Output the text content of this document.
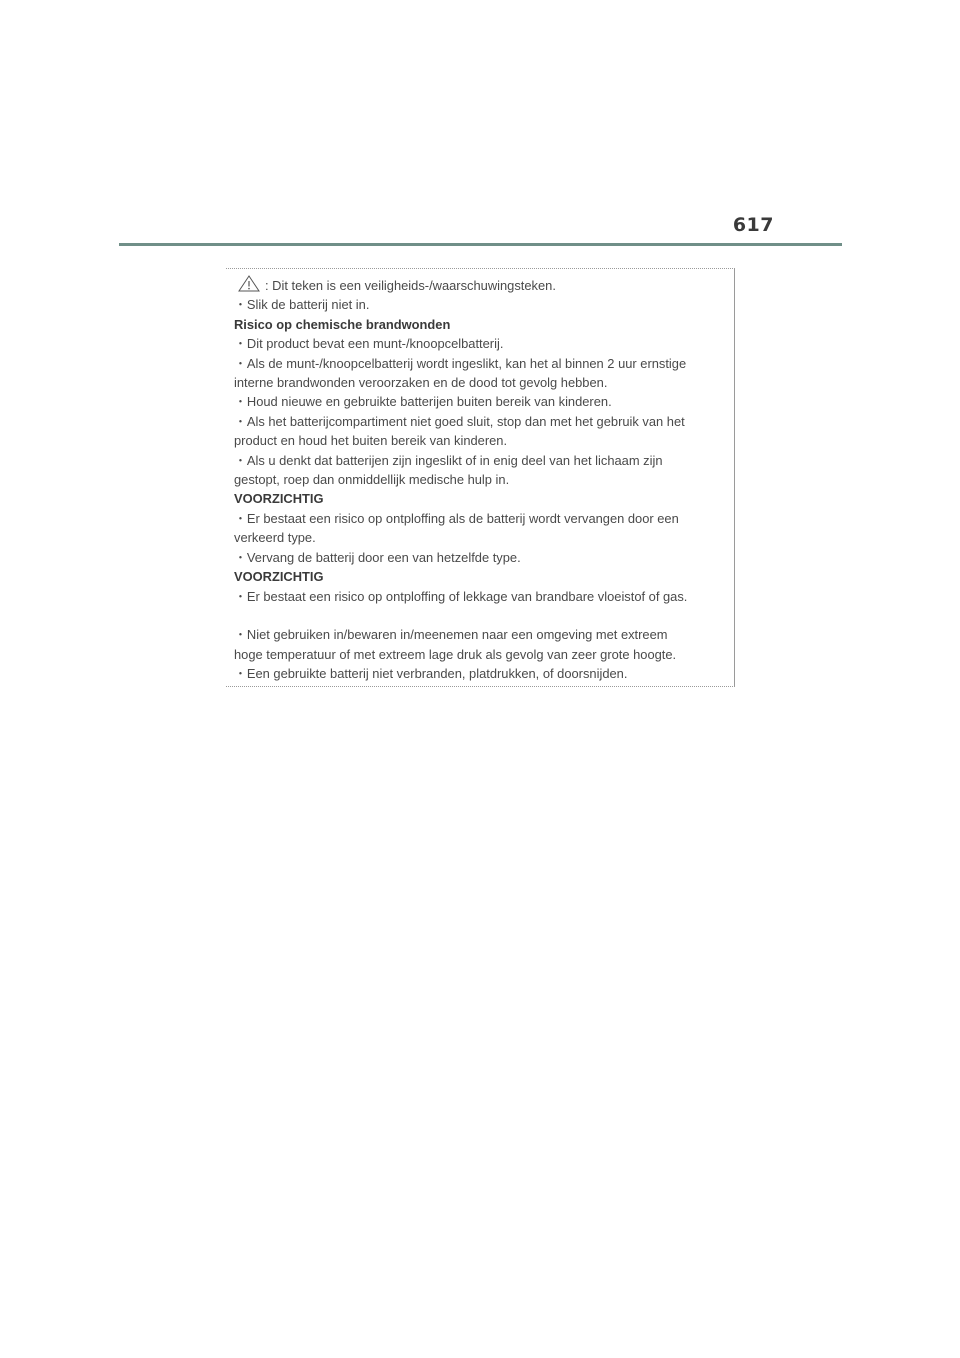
617
: Dit teken is een veiligheids-/waarschuwingsteken.
・Slik de batterij niet in.
Risico op chemische brandwonden
・Dit product bevat een munt-/knoopcelbatterij.
・Als de munt-/knoopcelbatterij wordt ingeslikt, kan het al binnen 2 uur ernstige
interne brandwonden veroorzaken en de dood tot gevolg hebben.
・Houd nieuwe en gebruikte batterijen buiten bereik van kinderen.
・Als het batterijcompartiment niet goed sluit, stop dan met het gebruik van het
product en houd het buiten bereik van kinderen.
・Als u denkt dat batterijen zijn ingeslikt of in enig deel van het lichaam zijn
gestopt, roep dan onmiddellijk medische hulp in.
VOORZICHTIG
・Er bestaat een risico op ontploffing als de batterij wordt vervangen door een
verkeerd type.
・Vervang de batterij door een van hetzelfde type.
VOORZICHTIG
・Er bestaat een risico op ontploffing of lekkage van brandbare vloeistof of gas.
・Niet gebruiken in/bewaren in/meenemen naar een omgeving met extreem
hoge temperatuur of met extreem lage druk als gevolg van zeer grote hoogte.
・Een gebruikte batterij niet verbranden, platdrukken, of doorsnijden.
